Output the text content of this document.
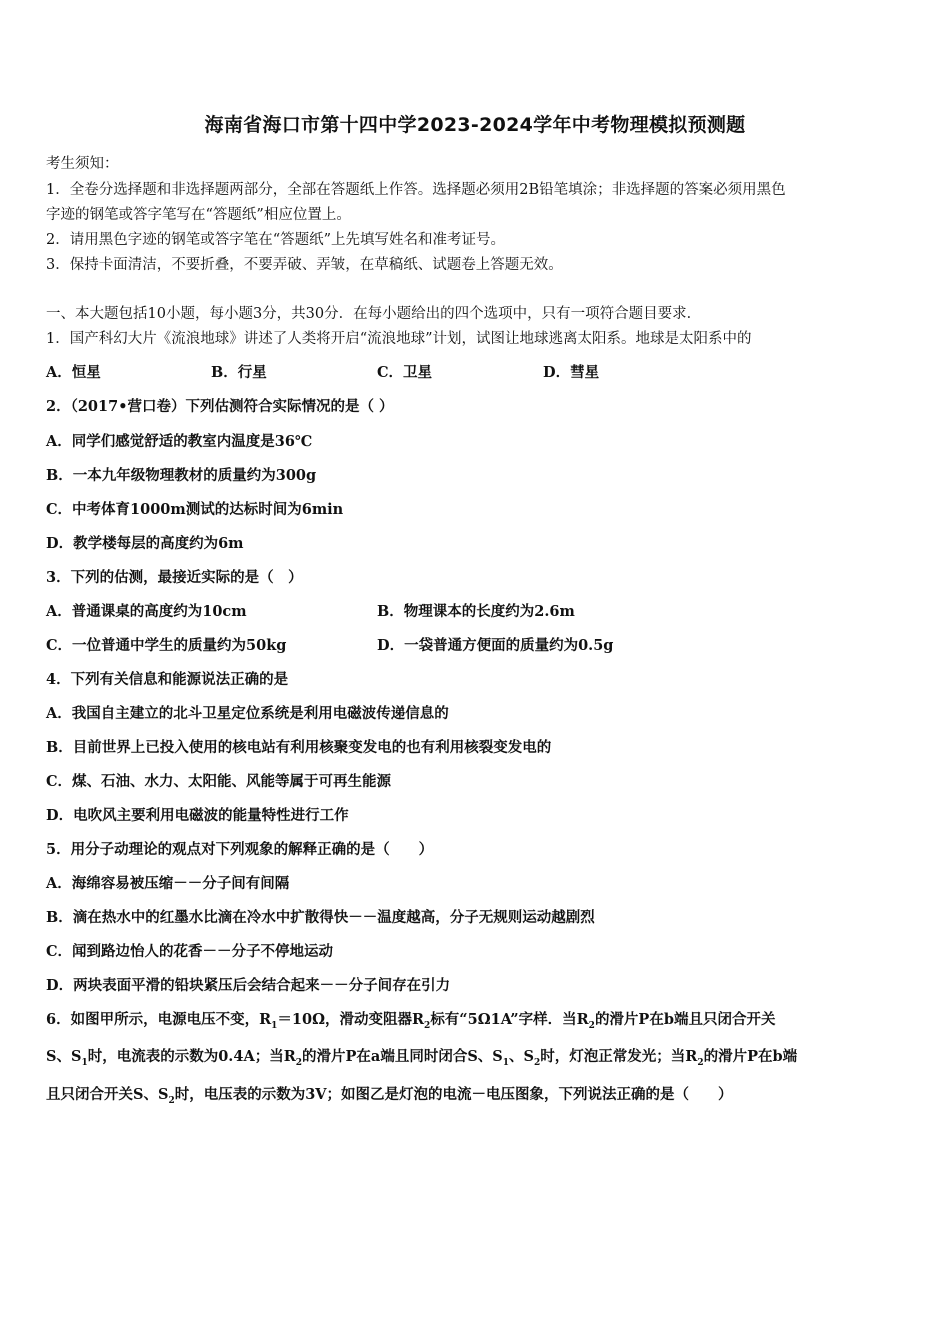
海南省海口市第十四中学2023-2024学年中考物理模拟预测题
考生须知：
1．全卷分选择题和非选择题两部分，全部在答题纸上作答。选择题必须用2B铅笔填涂；非选择题的答案必须用黑色
字迹的钢笔或答字笔写在“答题纸”相应位置上。
2．请用黑色字迹的钢笔或答字笔在“答题纸”上先填写姓名和准考证号。
3．保持卡面清洁，不要折叠，不要弄破、弄皱，在草稿纸、试题卷上答题无效。
一、本大题包括10小题，每小题3分，共30分．在每小题给出的四个选项中，只有一项符合题目要求．
1．国产科幻大片《流浪地球》讲述了人类将开启“流浪地球”计划，试图让地球逃离太阳系。地球是太阳系中的
A．恒星	B．行星	C．卫星	D．彗星
2．（2017•营口卷）下列估测符合实际情况的是（ ）
A．同学们感觉舒适的教室内温度是36℃
B．一本九年级物理教材的质量约为300g
C．中考体育1000m测试的达标时间为6min
D．教学楼每层的高度约为6m
3．下列的估测，最接近实际的是（　）
A．普通课桌的高度约为10cm	B．物理课本的长度约为2.6m
C．一位普通中学生的质量约为50kg	D．一袋普通方便面的质量约为0.5g
4．下列有关信息和能源说法正确的是
A．我国自主建立的北斗卫星定位系统是利用电磁波传递信息的
B．目前世界上已投入使用的核电站有利用核聚变发电的也有利用核裂变发电的
C．煤、石油、水力、太阳能、风能等属于可再生能源
D．电吹风主要利用电磁波的能量特性进行工作
5．用分子动理论的观点对下列观象的解释正确的是（　　）
A．海绵容易被压缩－－分子间有间隔
B．滴在热水中的红墨水比滴在冷水中扩散得快－－温度越高，分子无规则运动越剧烈
C．闻到路边怡人的花香－－分子不停地运动
D．两块表面平滑的铅块紧压后会结合起来－－分子间存在引力
6．如图甲所示，电源电压不变，$R_1=10\Omega$，滑动变阻器$R_2$标有“5Ω1A”字样．当$R_2$的滑片P在b端且只闭合开关
S、$S_1$时，电流表的示数为0.4A；当$R_2$的滑片P在a端且同时闭合S、$S_1$、$S_2$时，灯泡正常发光；当$R_2$的滑片P在b端
且只闭合开关S、$S_2$时，电压表的示数为3V；如图乙是灯泡的电流－电压图象，下列说法正确的是（　　）
